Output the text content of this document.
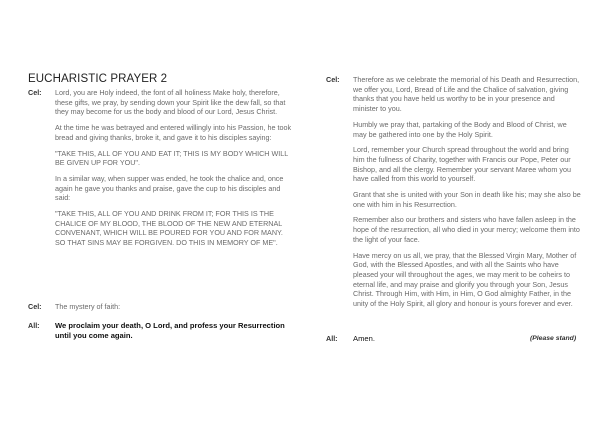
EUCHARISTIC PRAYER 2
Cel:	Lord, you are Holy indeed, the font of all holiness Make holy, therefore, these gifts, we pray, by sending down your Spirit like the dew fall, so that they may become for us the body and blood of our Lord, Jesus Christ.

At the time he was betrayed and entered willingly into his Passion, he took bread and giving thanks, broke it, and gave it to his disciples saying:

"TAKE THIS, ALL OF YOU AND EAT IT; THIS IS MY BODY WHICH WILL BE GIVEN UP FOR YOU".

In a similar way, when supper was ended, he took the chalice and, once again he gave you thanks and praise, gave the cup to his disciples and said:

"TAKE THIS, ALL OF YOU AND DRINK FROM IT; FOR THIS IS THE CHALICE OF MY BLOOD, THE BLOOD OF THE NEW AND ETERNAL CONVENANT, WHICH WILL BE POURED FOR YOU AND FOR MANY. SO THAT SINS MAY BE FORGIVEN. DO THIS IN MEMORY OF ME".

Cel:	The mystery of faith:
All:	We proclaim your death, O Lord, and profess your Resurrection until you come again.
Cel:	Therefore as we celebrate the memorial of his Death and Resurrection, we offer you, Lord, Bread of Life and the Chalice of salvation, giving thanks that you have held us worthy to be in your presence and minister to you.

Humbly we pray that, partaking of the Body and Blood of Christ, we may be gathered into one by the Holy Spirit.

Lord, remember your Church spread throughout the world and bring him the fullness of Charity, together with Francis our Pope, Peter our Bishop, and all the clergy. Remember your servant Maree whom you have called from this world to yourself.

Grant that she is united with your Son in death like his; may she also be one with him in his Resurrection.

Remember also our brothers and sisters who have fallen asleep in the hope of the resurrection, all who died in your mercy; welcome them into the light of your face.

Have mercy on us all, we pray, that the Blessed Virgin Mary, Mother of God, with the Blessed Apostles, and with all the Saints who have pleased your will throughout the ages, we may merit to be coheirs to eternal life, and may praise and glorify you through your Son, Jesus Christ. Through Him, with Him, in Him, O God almighty Father, in the unity of the Holy Spirit, all glory and honour is yours forever and ever.

All:	Amen.	(Please stand)
